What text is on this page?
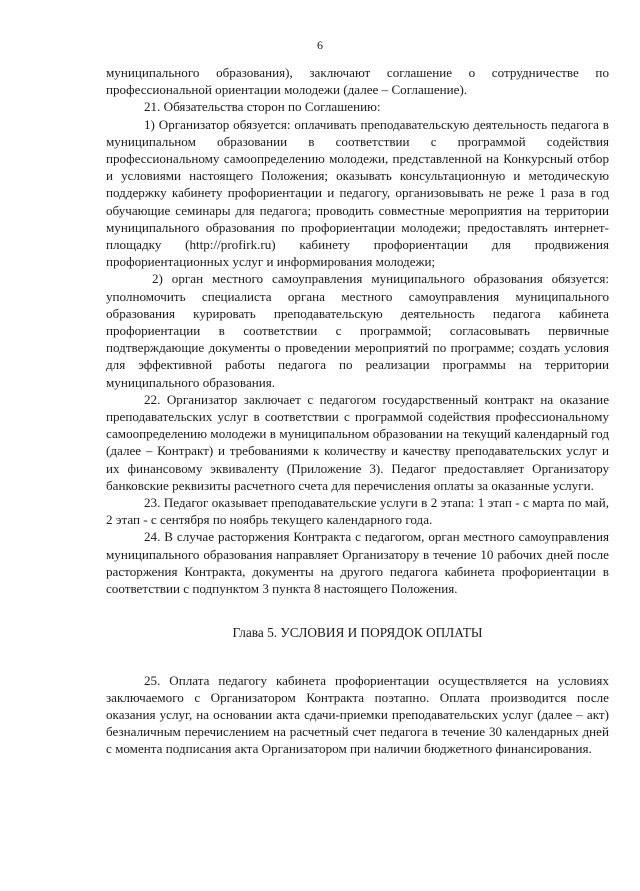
6

муниципального образования), заключают соглашение о сотрудничестве по профессиональной ориентации молодежи (далее – Соглашение).

21. Обязательства сторон по Соглашению:

1) Организатор обязуется: оплачивать преподавательскую деятельность педагога в муниципальном образовании в соответствии с программой содействия профессиональному самоопределению молодежи, представленной на Конкурсный отбор и условиями настоящего Положения; оказывать консультационную и методическую поддержку кабинету профориентации и педагогу, организовывать не реже 1 раза в год обучающие семинары для педагога; проводить совместные мероприятия на территории муниципального образования по профориентации молодежи; предоставлять интернет-площадку (http://profirk.ru) кабинету профориентации для продвижения профориентационных услуг и информирования молодежи;

2) орган местного самоуправления муниципального образования обязуется: уполномочить специалиста органа местного самоуправления муниципального образования курировать преподавательскую деятельность педагога кабинета профориентации в соответствии с программой; согласовывать первичные подтверждающие документы о проведении мероприятий по программе; создать условия для эффективной работы педагога по реализации программы на территории муниципального образования.

22. Организатор заключает с педагогом государственный контракт на оказание преподавательских услуг в соответствии с программой содействия профессиональному самоопределению молодежи в муниципальном образовании на текущий календарный год (далее – Контракт) и требованиями к количеству и качеству преподавательских услуг и их финансовому эквиваленту (Приложение 3). Педагог предоставляет Организатору банковские реквизиты расчетного счета для перечисления оплаты за оказанные услуги.

23. Педагог оказывает преподавательские услуги в 2 этапа: 1 этап - с марта по май, 2 этап - с сентября по ноябрь текущего календарного года.

24. В случае расторжения Контракта с педагогом, орган местного самоуправления муниципального образования направляет Организатору в течение 10 рабочих дней после расторжения Контракта, документы на другого педагога кабинета профориентации в соответствии с подпунктом 3 пункта 8 настоящего Положения.

Глава 5. УСЛОВИЯ И ПОРЯДОК ОПЛАТЫ

25. Оплата педагогу кабинета профориентации осуществляется на условиях заключаемого с Организатором Контракта поэтапно. Оплата производится после оказания услуг, на основании акта сдачи-приемки преподавательских услуг (далее – акт) безналичным перечислением на расчетный счет педагога в течение 30 календарных дней с момента подписания акта Организатором при наличии бюджетного финансирования.
